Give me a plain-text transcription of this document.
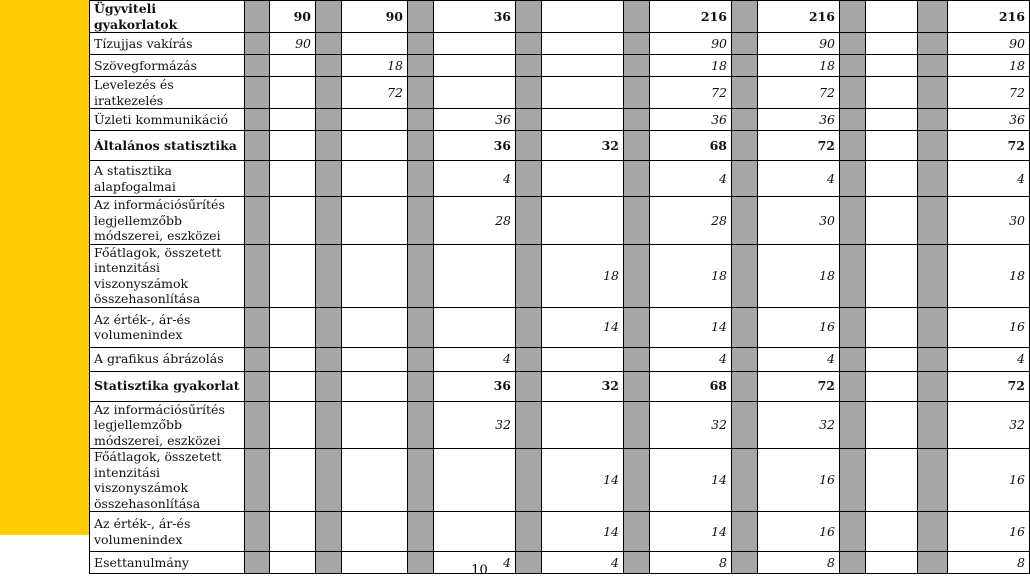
Ügyviteli gyakorlatok		90		90		36				216		216				216
Tízujjas vakírás		90								90		90				90
Szövegformázás				18						18		18				18
Levelezés és iratkezelés				72						72		72				72
Üzleti kommunikáció						36				36		36				36
Általános statisztika						36		32		68		72				72
A statisztika alapfogalmai						4				4		4				4
Az információsűrítés legjellemzőbb módszerei, eszközei						28				28		30				30
Főátlagok, összetett intenzitási viszonyszámok összehasonlítása								18		18		18				18
Az érték-, ár-és volumenindex								14		14		16				16
A grafikus ábrázolás						4				4		4				4
Statisztika gyakorlat						36		32		68		72				72
Az információsűrítés legjellemzőbb módszerei, eszközei						32				32		32				32
Főátlagok, összetett intenzitási viszonyszámok összehasonlítása								14		14		16				16
Az érték-, ár-és volumenindex								14		14		16				16
Esettanulmány						4		4		8		8				8
10
